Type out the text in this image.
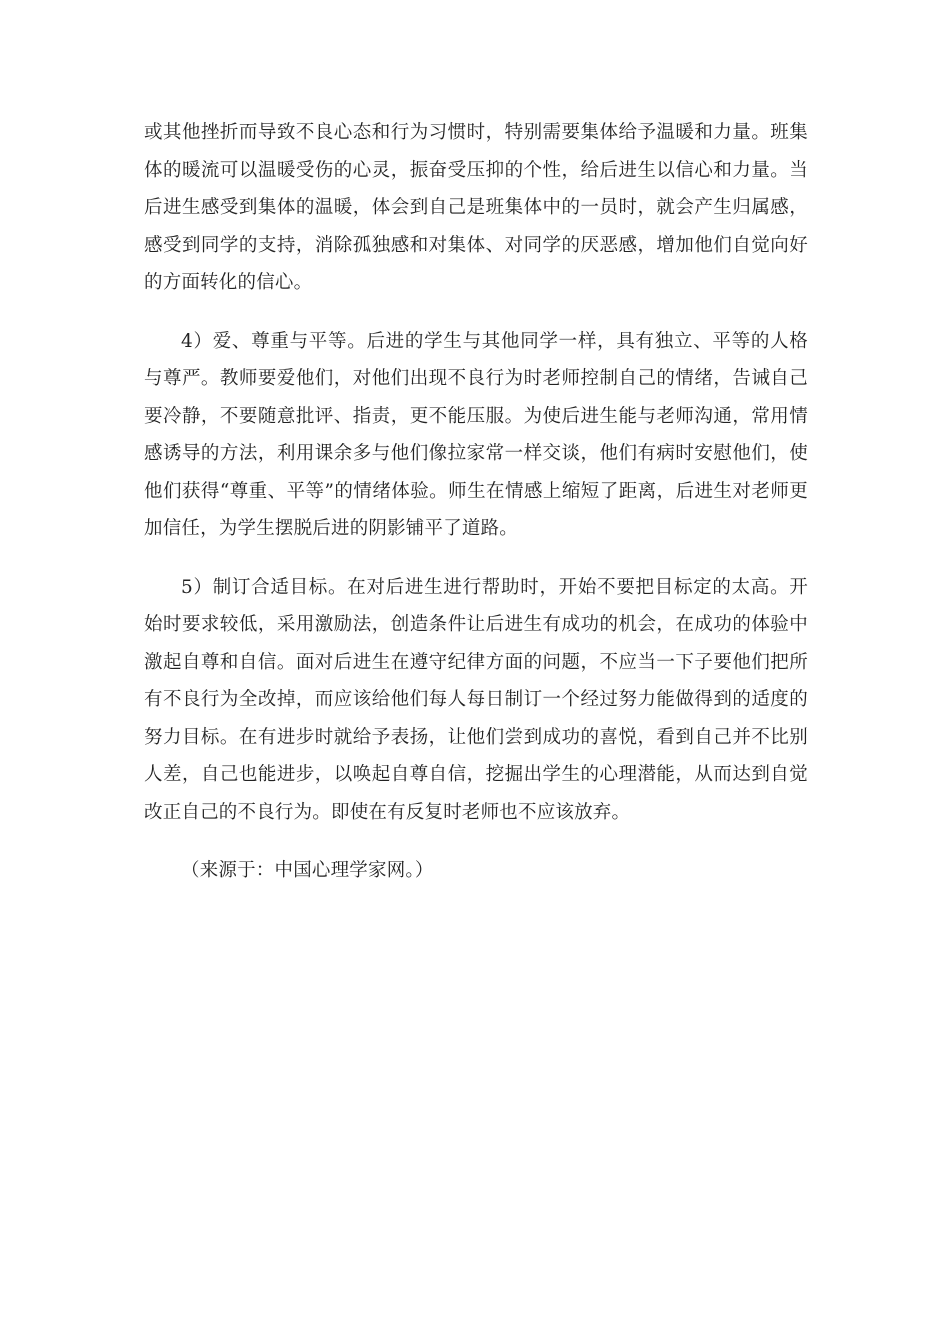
或其他挫折而导致不良心态和行为习惯时，特别需要集体给予温暖和力量。班集体的暖流可以温暖受伤的心灵，振奋受压抑的个性，给后进生以信心和力量。当后进生感受到集体的温暖，体会到自己是班集体中的一员时，就会产生归属感，感受到同学的支持，消除孤独感和对集体、对同学的厌恶感，增加他们自觉向好的方面转化的信心。

4）爱、尊重与平等。后进的学生与其他同学一样，具有独立、平等的人格与尊严。教师要爱他们，对他们出现不良行为时老师控制自己的情绪，告诫自己要冷静，不要随意批评、指责，更不能压服。为使后进生能与老师沟通，常用情感诱导的方法，利用课余多与他们像拉家常一样交谈，他们有病时安慰他们，使他们获得“尊重、平等”的情绪体验。师生在情感上缩短了距离，后进生对老师更加信任，为学生摆脱后进的阴影铺平了道路。

5）制订合适目标。在对后进生进行帮助时，开始不要把目标定的太高。开始时要求较低，采用激励法，创造条件让后进生有成功的机会，在成功的体验中激起自尊和自信。面对后进生在遵守纪律方面的问题，不应当一下子要他们把所有不良行为全改掉，而应该给他们每人每日制订一个经过努力能做得到的适度的努力目标。在有进步时就给予表扬，让他们尝到成功的喜悦，看到自己并不比别人差，自己也能进步，以唤起自尊自信，挖掘出学生的心理潜能，从而达到自觉改正自己的不良行为。即使在有反复时老师也不应该放弃。

（来源于：中国心理学家网。）
